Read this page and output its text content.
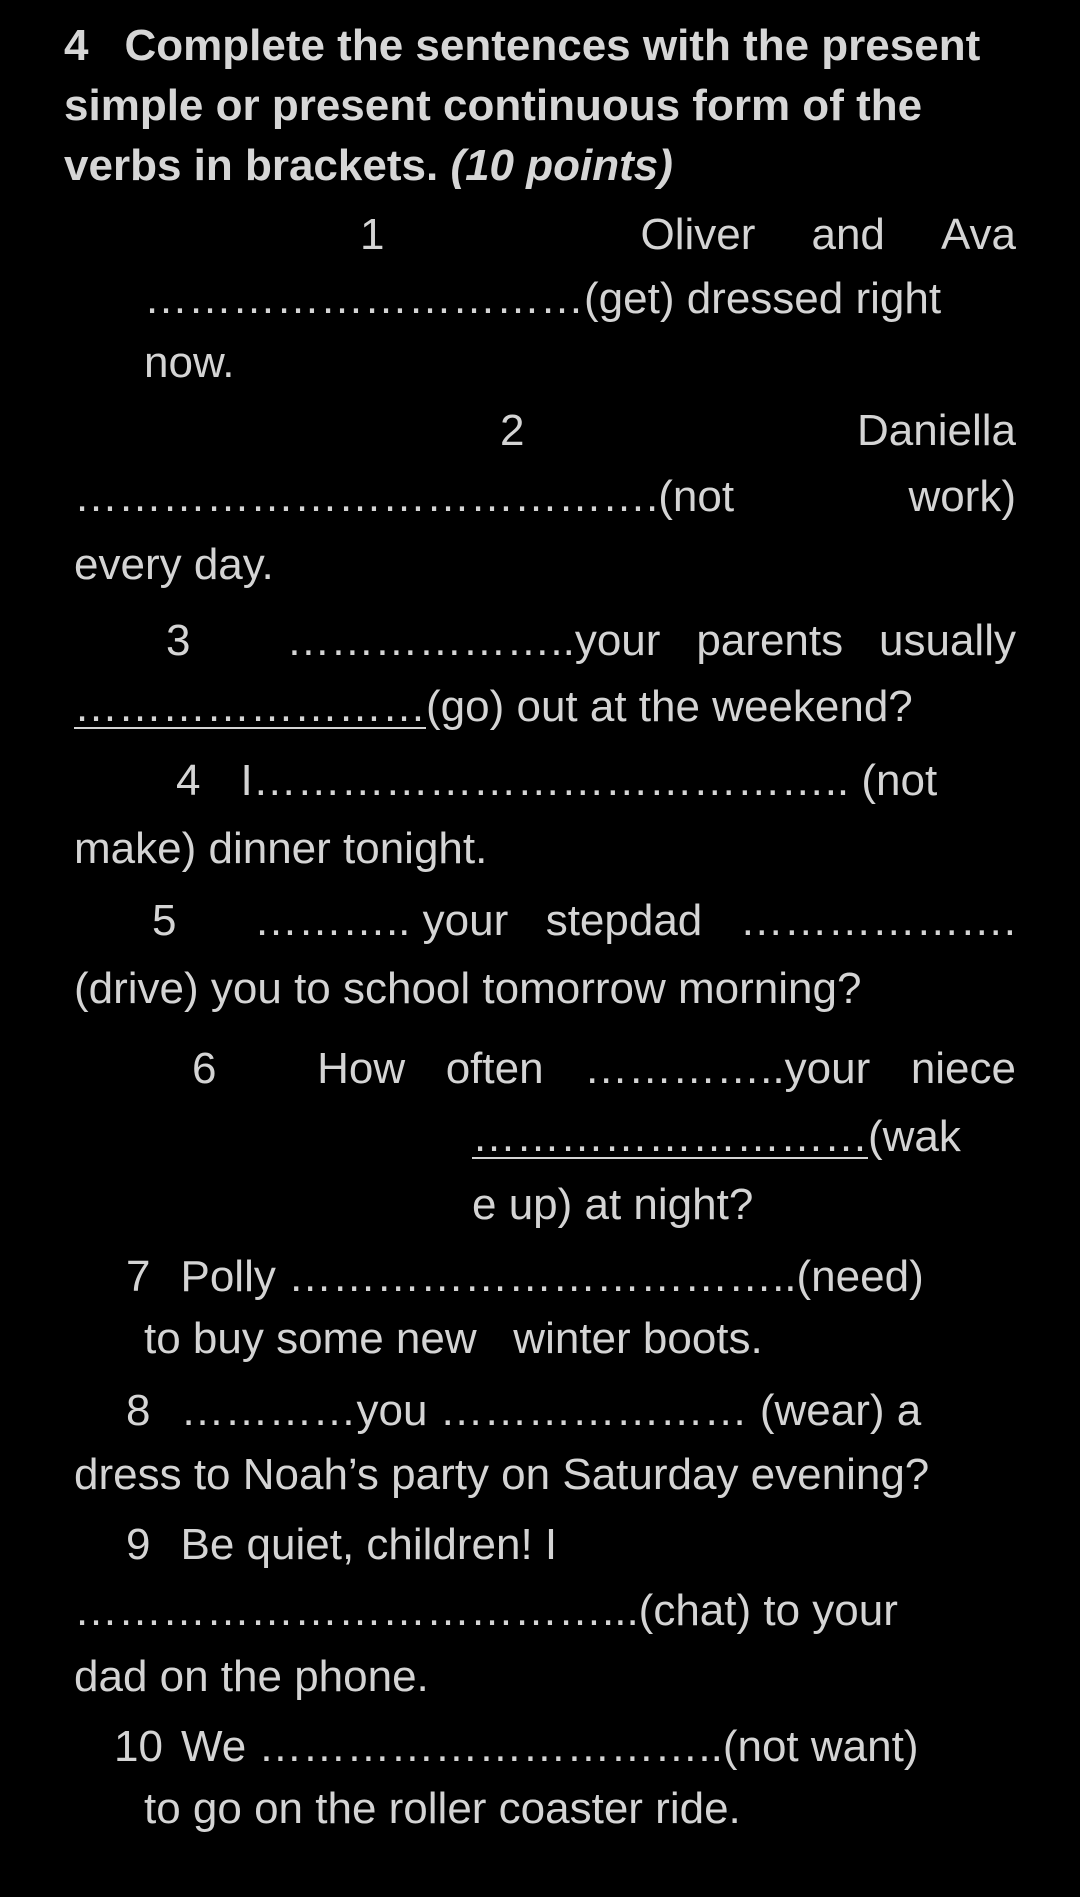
4 Complete the sentences with the present simple or present continuous form of the verbs in brackets. (10 points)
1	Oliver and Ava
…………………………(get) dressed right
now.
2	Daniella
………………………………….(not	work)
every day.
3 ………………..your parents usually
……………………(go) out at the weekend?
4 I………………………………….. (not
make) dinner tonight.
5 ……….. your stepdad ……………….
(drive) you to school tomorrow morning?
6 How often …………..your niece
………………………(wak
e up) at night?
7 Polly ……………………………..(need)
to buy some new   winter boots.
8 …………you ………………… (wear) a
dress to Noah’s party on Saturday evening?
9 Be quiet, children! I
………………………………...(chat) to your
dad on the phone.
10 We …………………………..(not want)
to go on the roller coaster ride.
